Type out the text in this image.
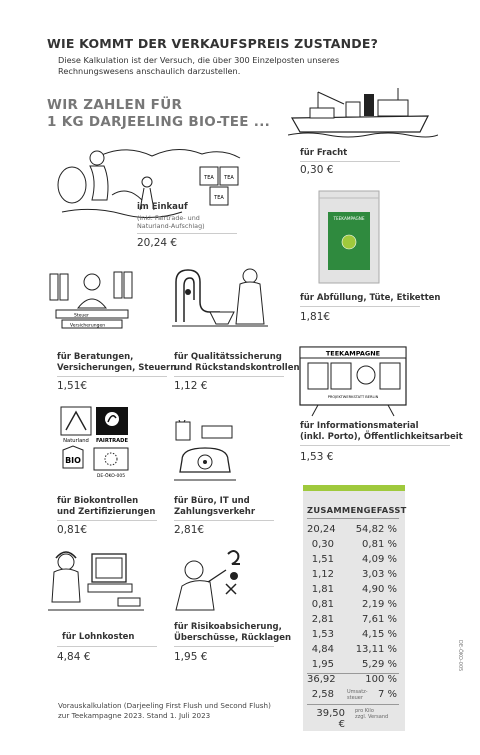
WIE KOMMT DER VERKAUFSPREIS ZUSTANDE?
Diese Kalkulation ist der Versuch, die über 300 Einzelposten unseres Rechnungswesens anschaulich darzustellen.
WIR ZAHLEN FÜR
1 KG DARJEELING BIO-TEE ...
für Fracht
0,30 €
TEA TEA
TEA
im Einkauf
(inkl. Fairtrade- und
Naturland-Aufschlag)
20,24 €
TEEKAMPAGNE
für Abfüllung, Tüte, Etiketten
1,81€
Steuer
Versicherungen
für Beratungen,
Versicherungen, Steuern
1,51€
für Qualitätssicherung
und Rückstandskontrollen
1,12 €
TEEKAMPAGNE
PROJEKTWERKSTATT BERLIN
für Informationsmaterial
(inkl. Porto), Öffentlichkeitsarbeit
1,53 €
Naturland FAIRTRADE
BIO
DE-ÖKO-005
für Biokontrollen
und Zertifizierungen
0,81€
für Büro, IT und
Zahlungsverkehr
2,81€
für Lohnkosten
4,84 €
für Risikoabsicherung,
Überschüsse, Rücklagen
1,95 €
ZUSAMMENGEFASST
20,24	54,82 %
0,30	0,81 %
1,51	4,09 %
1,12	3,03 %
1,81	4,90 %
0,81	2,19 %
2,81	7,61 %
1,53	4,15 %
4,84	13,11 %
1,95	5,29 %
36,92	100 %
2,58	Umsatz-
steuer	7 %
39,50 €
pro Kilo
zzgl. Versand
Vorauskalkulation (Darjeeling First Flush und Second Flush)
zur Teekampagne 2023. Stand 1. Juli 2023
DE-ÖKO-005
